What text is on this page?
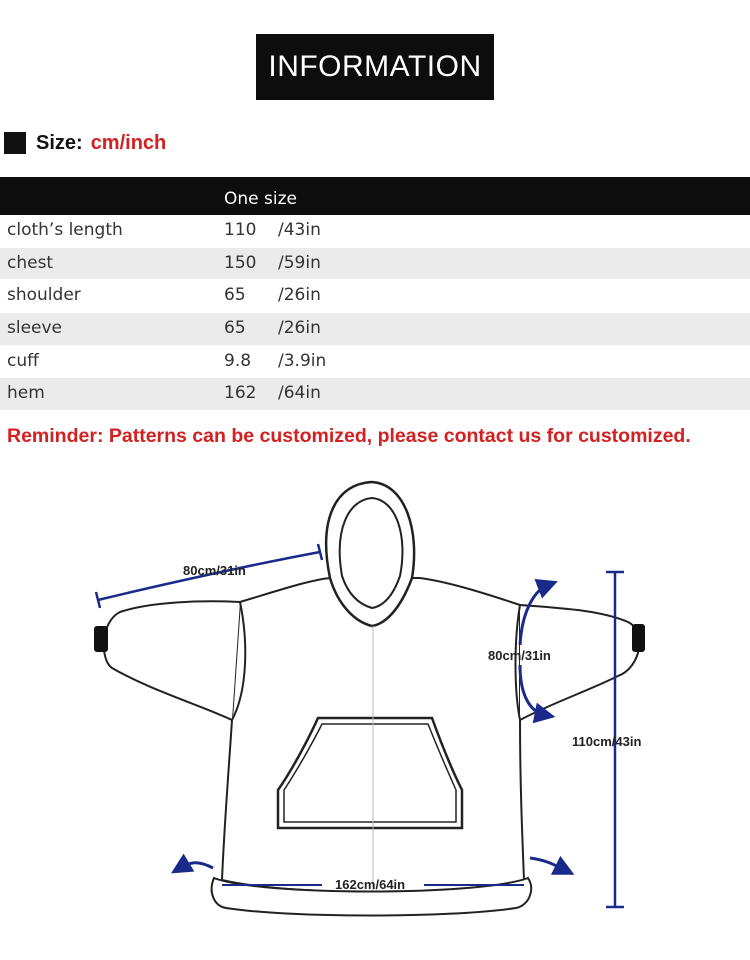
INFORMATION
Size: cm/inch
One size
cloth’s length	110 /43in
chest	150 /59in
shoulder	65 /26in
sleeve	65 /26in
cuff	9.8 /3.9in
hem	162 /64in
Reminder: Patterns can be customized, please contact us for customized.
80cm/31in
80cm/31in
110cm/43in
162cm/64in
